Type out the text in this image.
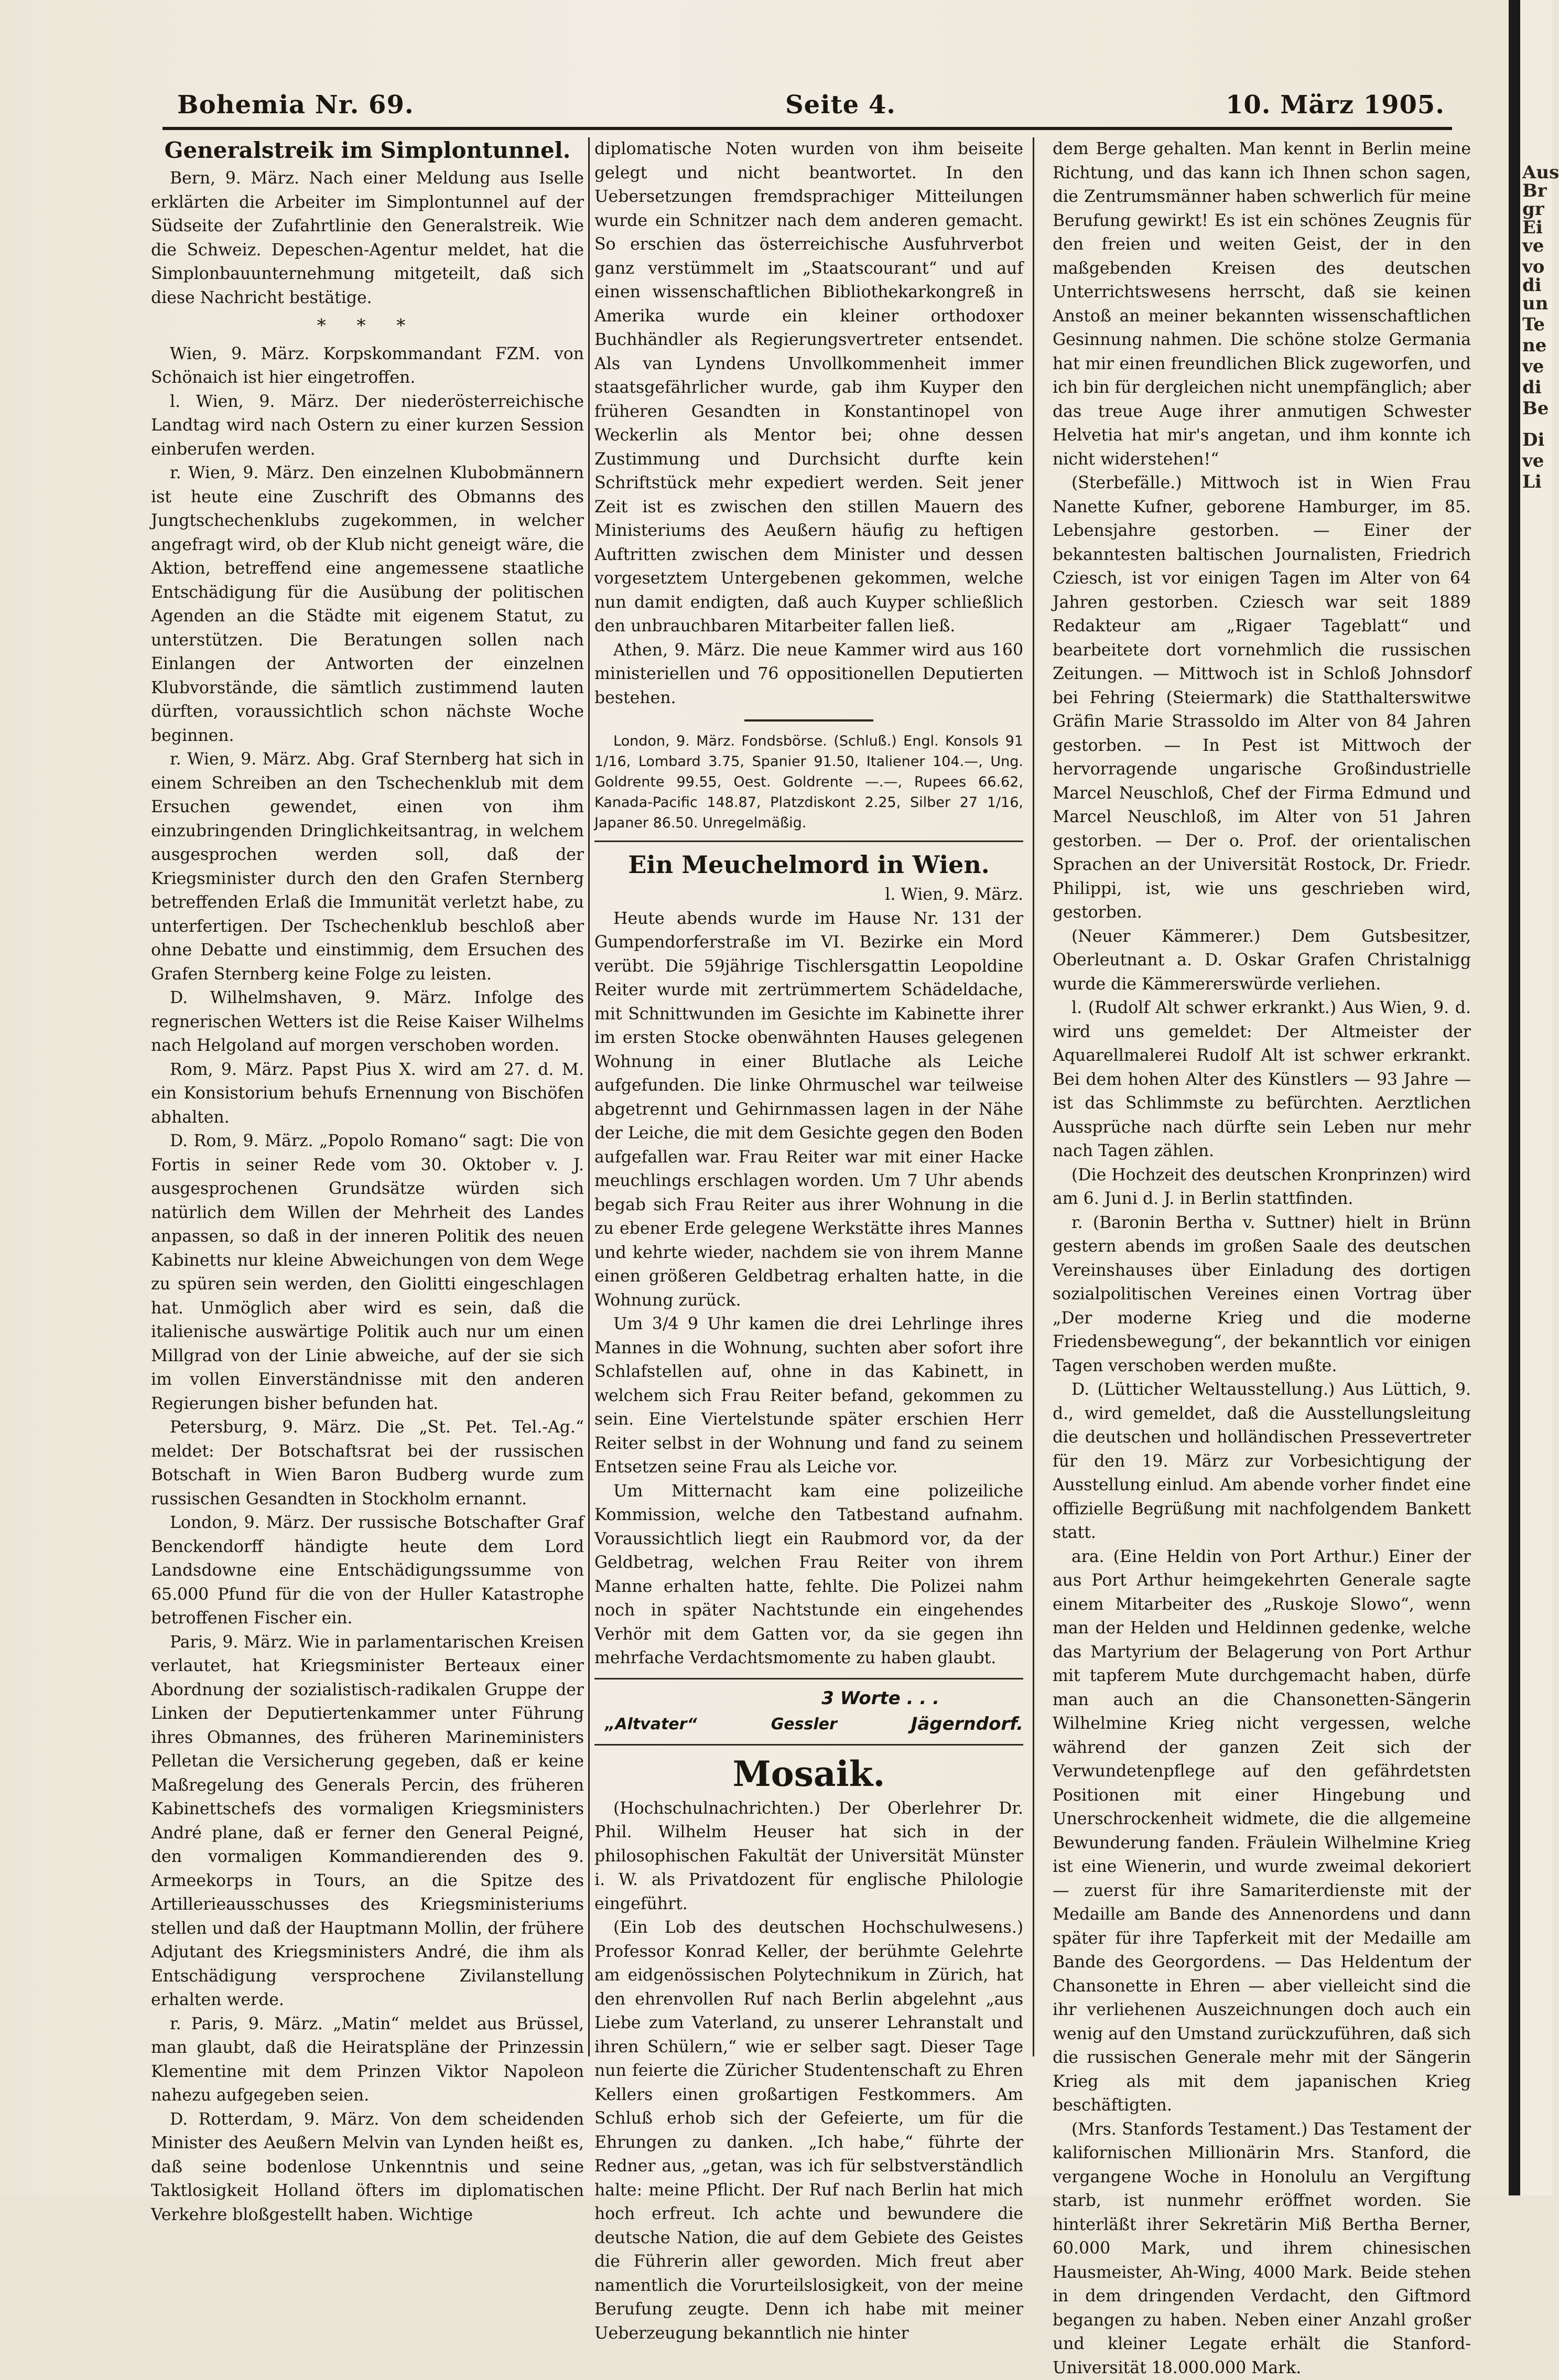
Bohemia Nr. 69.	Seite 4.	10. März 1905.
Generalstreik im Simplontunnel.

Bern, 9. März. Nach einer Meldung aus Iselle erklärten die Arbeiter im Simplontunnel auf der Südseite der Zufahrtlinie den Generalstreik. Wie die Schweiz. Depeschen-Agentur meldet, hat die Simplonbauunternehmung mitgeteilt, daß sich diese Nachricht bestätige.

* * *

Wien, 9. März. Korpskommandant FZM. von Schönaich ist hier eingetroffen.

l. Wien, 9. März. Der niederösterreichische Landtag wird nach Ostern zu einer kurzen Session einberufen werden.

r. Wien, 9. März. Den einzelnen Klubobmännern ist heute eine Zuschrift des Obmanns des Jungtschechenklubs zugekommen, in welcher angefragt wird, ob der Klub nicht geneigt wäre, die Aktion, betreffend eine angemessene staatliche Entschädigung für die Ausübung der politischen Agenden an die Städte mit eigenem Statut, zu unterstützen. Die Beratungen sollen nach Einlangen der Antworten der einzelnen Klubvorstände, die sämtlich zustimmend lauten dürften, voraussichtlich schon nächste Woche beginnen.

r. Wien, 9. März. Abg. Graf Sternberg hat sich in einem Schreiben an den Tschechenklub mit dem Ersuchen gewendet, einen von ihm einzubringenden Dringlichkeitsantrag, in welchem ausgesprochen werden soll, daß der Kriegsminister durch den den Grafen Sternberg betreffenden Erlaß die Immunität verletzt habe, zu unterfertigen. Der Tschechenklub beschloß aber ohne Debatte und einstimmig, dem Ersuchen des Grafen Sternberg keine Folge zu leisten.

D. Wilhelmshaven, 9. März. Infolge des regnerischen Wetters ist die Reise Kaiser Wilhelms nach Helgoland auf morgen verschoben worden.

Rom, 9. März. Papst Pius X. wird am 27. d. M. ein Konsistorium behufs Ernennung von Bischöfen abhalten.

D. Rom, 9. März. „Popolo Romano“ sagt: Die von Fortis in seiner Rede vom 30. Oktober v. J. ausgesprochenen Grundsätze würden sich natürlich dem Willen der Mehrheit des Landes anpassen, so daß in der inneren Politik des neuen Kabinetts nur kleine Abweichungen von dem Wege zu spüren sein werden, den Giolitti eingeschlagen hat. Unmöglich aber wird es sein, daß die italienische auswärtige Politik auch nur um einen Millgrad von der Linie abweiche, auf der sie sich im vollen Einverständnisse mit den anderen Regierungen bisher befunden hat.

Petersburg, 9. März. Die „St. Pet. Tel.-Ag.“ meldet: Der Botschaftsrat bei der russischen Botschaft in Wien Baron Budberg wurde zum russischen Gesandten in Stockholm ernannt.

London, 9. März. Der russische Botschafter Graf Benckendorff händigte heute dem Lord Landsdowne eine Entschädigungssumme von 65.000 Pfund für die von der Huller Katastrophe betroffenen Fischer ein.

Paris, 9. März. Wie in parlamentarischen Kreisen verlautet, hat Kriegsminister Berteaux einer Abordnung der sozialistisch-radikalen Gruppe der Linken der Deputiertenkammer unter Führung ihres Obmannes, des früheren Marineministers Pelletan die Versicherung gegeben, daß er keine Maßregelung des Generals Percin, des früheren Kabinettschefs des vormaligen Kriegsministers André plane, daß er ferner den General Peigné, den vormaligen Kommandierenden des 9. Armeekorps in Tours, an die Spitze des Artillerieausschusses des Kriegsministeriums stellen und daß der Hauptmann Mollin, der frühere Adjutant des Kriegsministers André, die ihm als Entschädigung versprochene Zivilanstellung erhalten werde.

r. Paris, 9. März. „Matin“ meldet aus Brüssel, man glaubt, daß die Heiratspläne der Prinzessin Klementine mit dem Prinzen Viktor Napoleon nahezu aufgegeben seien.

D. Rotterdam, 9. März. Von dem scheidenden Minister des Aeußern Melvin van Lynden heißt es, daß seine bodenlose Unkenntnis und seine Taktlosigkeit Holland öfters im diplomatischen Verkehre bloßgestellt haben. Wichtige

diplomatische Noten wurden von ihm beiseite gelegt und nicht beantwortet. In den Uebersetzungen fremdsprachiger Mitteilungen wurde ein Schnitzer nach dem anderen gemacht. So erschien das österreichische Ausfuhrverbot ganz verstümmelt im „Staatscourant“ und auf einen wissenschaftlichen Bibliothekarkongreß in Amerika wurde ein kleiner orthodoxer Buchhändler als Regierungsvertreter entsendet. Als van Lyndens Unvollkommenheit immer staatsgefährlicher wurde, gab ihm Kuyper den früheren Gesandten in Konstantinopel von Weckerlin als Mentor bei; ohne dessen Zustimmung und Durchsicht durfte kein Schriftstück mehr expediert werden. Seit jener Zeit ist es zwischen den stillen Mauern des Ministeriums des Aeußern häufig zu heftigen Auftritten zwischen dem Minister und dessen vorgesetztem Untergebenen gekommen, welche nun damit endigten, daß auch Kuyper schließlich den unbrauchbaren Mitarbeiter fallen ließ.

Athen, 9. März. Die neue Kammer wird aus 160 ministeriellen und 76 oppositionellen Deputierten bestehen.

London, 9. März. Fondsbörse. (Schluß.) Engl. Konsols 91 1/16, Lombard 3.75, Spanier 91.50, Italiener 104.—, Ung. Goldrente 99.55, Oest. Goldrente —.—, Rupees 66.62, Kanada-Pacific 148.87, Platzdiskont 2.25, Silber 27 1/16, Japaner 86.50. Unregelmäßig.

Ein Meuchelmord in Wien.

l. Wien, 9. März.

Heute abends wurde im Hause Nr. 131 der Gumpendorferstraße im VI. Bezirke ein Mord verübt. Die 59jährige Tischlersgattin Leopoldine Reiter wurde mit zertrümmertem Schädeldache, mit Schnittwunden im Gesichte im Kabinette ihrer im ersten Stocke obenwähnten Hauses gelegenen Wohnung in einer Blutlache als Leiche aufgefunden. Die linke Ohrmuschel war teilweise abgetrennt und Gehirnmassen lagen in der Nähe der Leiche, die mit dem Gesichte gegen den Boden aufgefallen war. Frau Reiter war mit einer Hacke meuchlings erschlagen worden. Um 7 Uhr abends begab sich Frau Reiter aus ihrer Wohnung in die zu ebener Erde gelegene Werkstätte ihres Mannes und kehrte wieder, nachdem sie von ihrem Manne einen größeren Geldbetrag erhalten hatte, in die Wohnung zurück.

Um 3/4 9 Uhr kamen die drei Lehrlinge ihres Mannes in die Wohnung, suchten aber sofort ihre Schlafstellen auf, ohne in das Kabinett, in welchem sich Frau Reiter befand, gekommen zu sein. Eine Viertelstunde später erschien Herr Reiter selbst in der Wohnung und fand zu seinem Entsetzen seine Frau als Leiche vor.

Um Mitternacht kam eine polizeiliche Kommission, welche den Tatbestand aufnahm. Voraussichtlich liegt ein Raubmord vor, da der Geldbetrag, welchen Frau Reiter von ihrem Manne erhalten hatte, fehlte. Die Polizei nahm noch in später Nachtstunde ein eingehendes Verhör mit dem Gatten vor, da sie gegen ihn mehrfache Verdachtsmomente zu haben glaubt.

3 Worte . . .

„Altvater“	Gessler	Jägerndorf.
Mosaik.

(Hochschulnachrichten.) Der Oberlehrer Dr. Phil. Wilhelm Heuser hat sich in der philosophischen Fakultät der Universität Münster i. W. als Privatdozent für englische Philologie eingeführt.

(Ein Lob des deutschen Hochschulwesens.) Professor Konrad Keller, der berühmte Gelehrte am eidgenössischen Polytechnikum in Zürich, hat den ehrenvollen Ruf nach Berlin abgelehnt „aus Liebe zum Vaterland, zu unserer Lehranstalt und ihren Schülern,“ wie er selber sagt. Dieser Tage nun feierte die Züricher Studentenschaft zu Ehren Kellers einen großartigen Festkommers. Am Schluß erhob sich der Gefeierte, um für die Ehrungen zu danken. „Ich habe,“ führte der Redner aus, „getan, was ich für selbstverständlich halte: meine Pflicht. Der Ruf nach Berlin hat mich hoch erfreut. Ich achte und bewundere die deutsche Nation, die auf dem Gebiete des Geistes die Führerin aller geworden. Mich freut aber namentlich die Vorurteilslosigkeit, von der meine Berufung zeugte. Denn ich habe mit meiner Ueberzeugung bekanntlich nie hinter

dem Berge gehalten. Man kennt in Berlin meine Richtung, und das kann ich Ihnen schon sagen, die Zentrumsmänner haben schwerlich für meine Berufung gewirkt! Es ist ein schönes Zeugnis für den freien und weiten Geist, der in den maßgebenden Kreisen des deutschen Unterrichtswesens herrscht, daß sie keinen Anstoß an meiner bekannten wissenschaftlichen Gesinnung nahmen. Die schöne stolze Germania hat mir einen freundlichen Blick zugeworfen, und ich bin für dergleichen nicht unempfänglich; aber das treue Auge ihrer anmutigen Schwester Helvetia hat mir's angetan, und ihm konnte ich nicht widerstehen!“

(Sterbefälle.) Mittwoch ist in Wien Frau Nanette Kufner, geborene Hamburger, im 85. Lebensjahre gestorben. — Einer der bekanntesten baltischen Journalisten, Friedrich Cziesch, ist vor einigen Tagen im Alter von 64 Jahren gestorben. Cziesch war seit 1889 Redakteur am „Rigaer Tageblatt“ und bearbeitete dort vornehmlich die russischen Zeitungen. — Mittwoch ist in Schloß Johnsdorf bei Fehring (Steiermark) die Statthalterswitwe Gräfin Marie Strassoldo im Alter von 84 Jahren gestorben. — In Pest ist Mittwoch der hervorragende ungarische Großindustrielle Marcel Neuschloß, Chef der Firma Edmund und Marcel Neuschloß, im Alter von 51 Jahren gestorben. — Der o. Prof. der orientalischen Sprachen an der Universität Rostock, Dr. Friedr. Philippi, ist, wie uns geschrieben wird, gestorben.

(Neuer Kämmerer.) Dem Gutsbesitzer, Oberleutnant a. D. Oskar Grafen Christalnigg wurde die Kämmererswürde verliehen.

l. (Rudolf Alt schwer erkrankt.) Aus Wien, 9. d. wird uns gemeldet: Der Altmeister der Aquarellmalerei Rudolf Alt ist schwer erkrankt. Bei dem hohen Alter des Künstlers — 93 Jahre — ist das Schlimmste zu befürchten. Aerztlichen Aussprüche nach dürfte sein Leben nur mehr nach Tagen zählen.

(Die Hochzeit des deutschen Kronprinzen) wird am 6. Juni d. J. in Berlin stattfinden.

r. (Baronin Bertha v. Suttner) hielt in Brünn gestern abends im großen Saale des deutschen Vereinshauses über Einladung des dortigen sozialpolitischen Vereines einen Vortrag über „Der moderne Krieg und die moderne Friedensbewegung“, der bekanntlich vor einigen Tagen verschoben werden mußte.

D. (Lütticher Weltausstellung.) Aus Lüttich, 9. d., wird gemeldet, daß die Ausstellungsleitung die deutschen und holländischen Pressevertreter für den 19. März zur Vorbesichtigung der Ausstellung einlud. Am abende vorher findet eine offizielle Begrüßung mit nachfolgendem Bankett statt.

ara. (Eine Heldin von Port Arthur.) Einer der aus Port Arthur heimgekehrten Generale sagte einem Mitarbeiter des „Ruskoje Slowo“, wenn man der Helden und Heldinnen gedenke, welche das Martyrium der Belagerung von Port Arthur mit tapferem Mute durchgemacht haben, dürfe man auch an die Chansonetten-Sängerin Wilhelmine Krieg nicht vergessen, welche während der ganzen Zeit sich der Verwundetenpflege auf den gefährdetsten Positionen mit einer Hingebung und Unerschrockenheit widmete, die die allgemeine Bewunderung fanden. Fräulein Wilhelmine Krieg ist eine Wienerin, und wurde zweimal dekoriert — zuerst für ihre Samariterdienste mit der Medaille am Bande des Annenordens und dann später für ihre Tapferkeit mit der Medaille am Bande des Georgordens. — Das Heldentum der Chansonette in Ehren — aber vielleicht sind die ihr verliehenen Auszeichnungen doch auch ein wenig auf den Umstand zurückzuführen, daß sich die russischen Generale mehr mit der Sängerin Krieg als mit dem japanischen Krieg beschäftigten.

(Mrs. Stanfords Testament.) Das Testament der kalifornischen Millionärin Mrs. Stanford, die vergangene Woche in Honolulu an Vergiftung starb, ist nunmehr eröffnet worden. Sie hinterläßt ihrer Sekretärin Miß Bertha Berner, 60.000 Mark, und ihrem chinesischen Hausmeister, Ah-Wing, 4000 Mark. Beide stehen in dem dringenden Verdacht, den Giftmord begangen zu haben. Neben einer Anzahl großer und kleiner Legate erhält die Stanford-Universität 18.000.000 Mark.

Aus
Br
gr
Ei
ve
vo
di
un
Te
ne
ve
di
Be
Di
ve
Li
